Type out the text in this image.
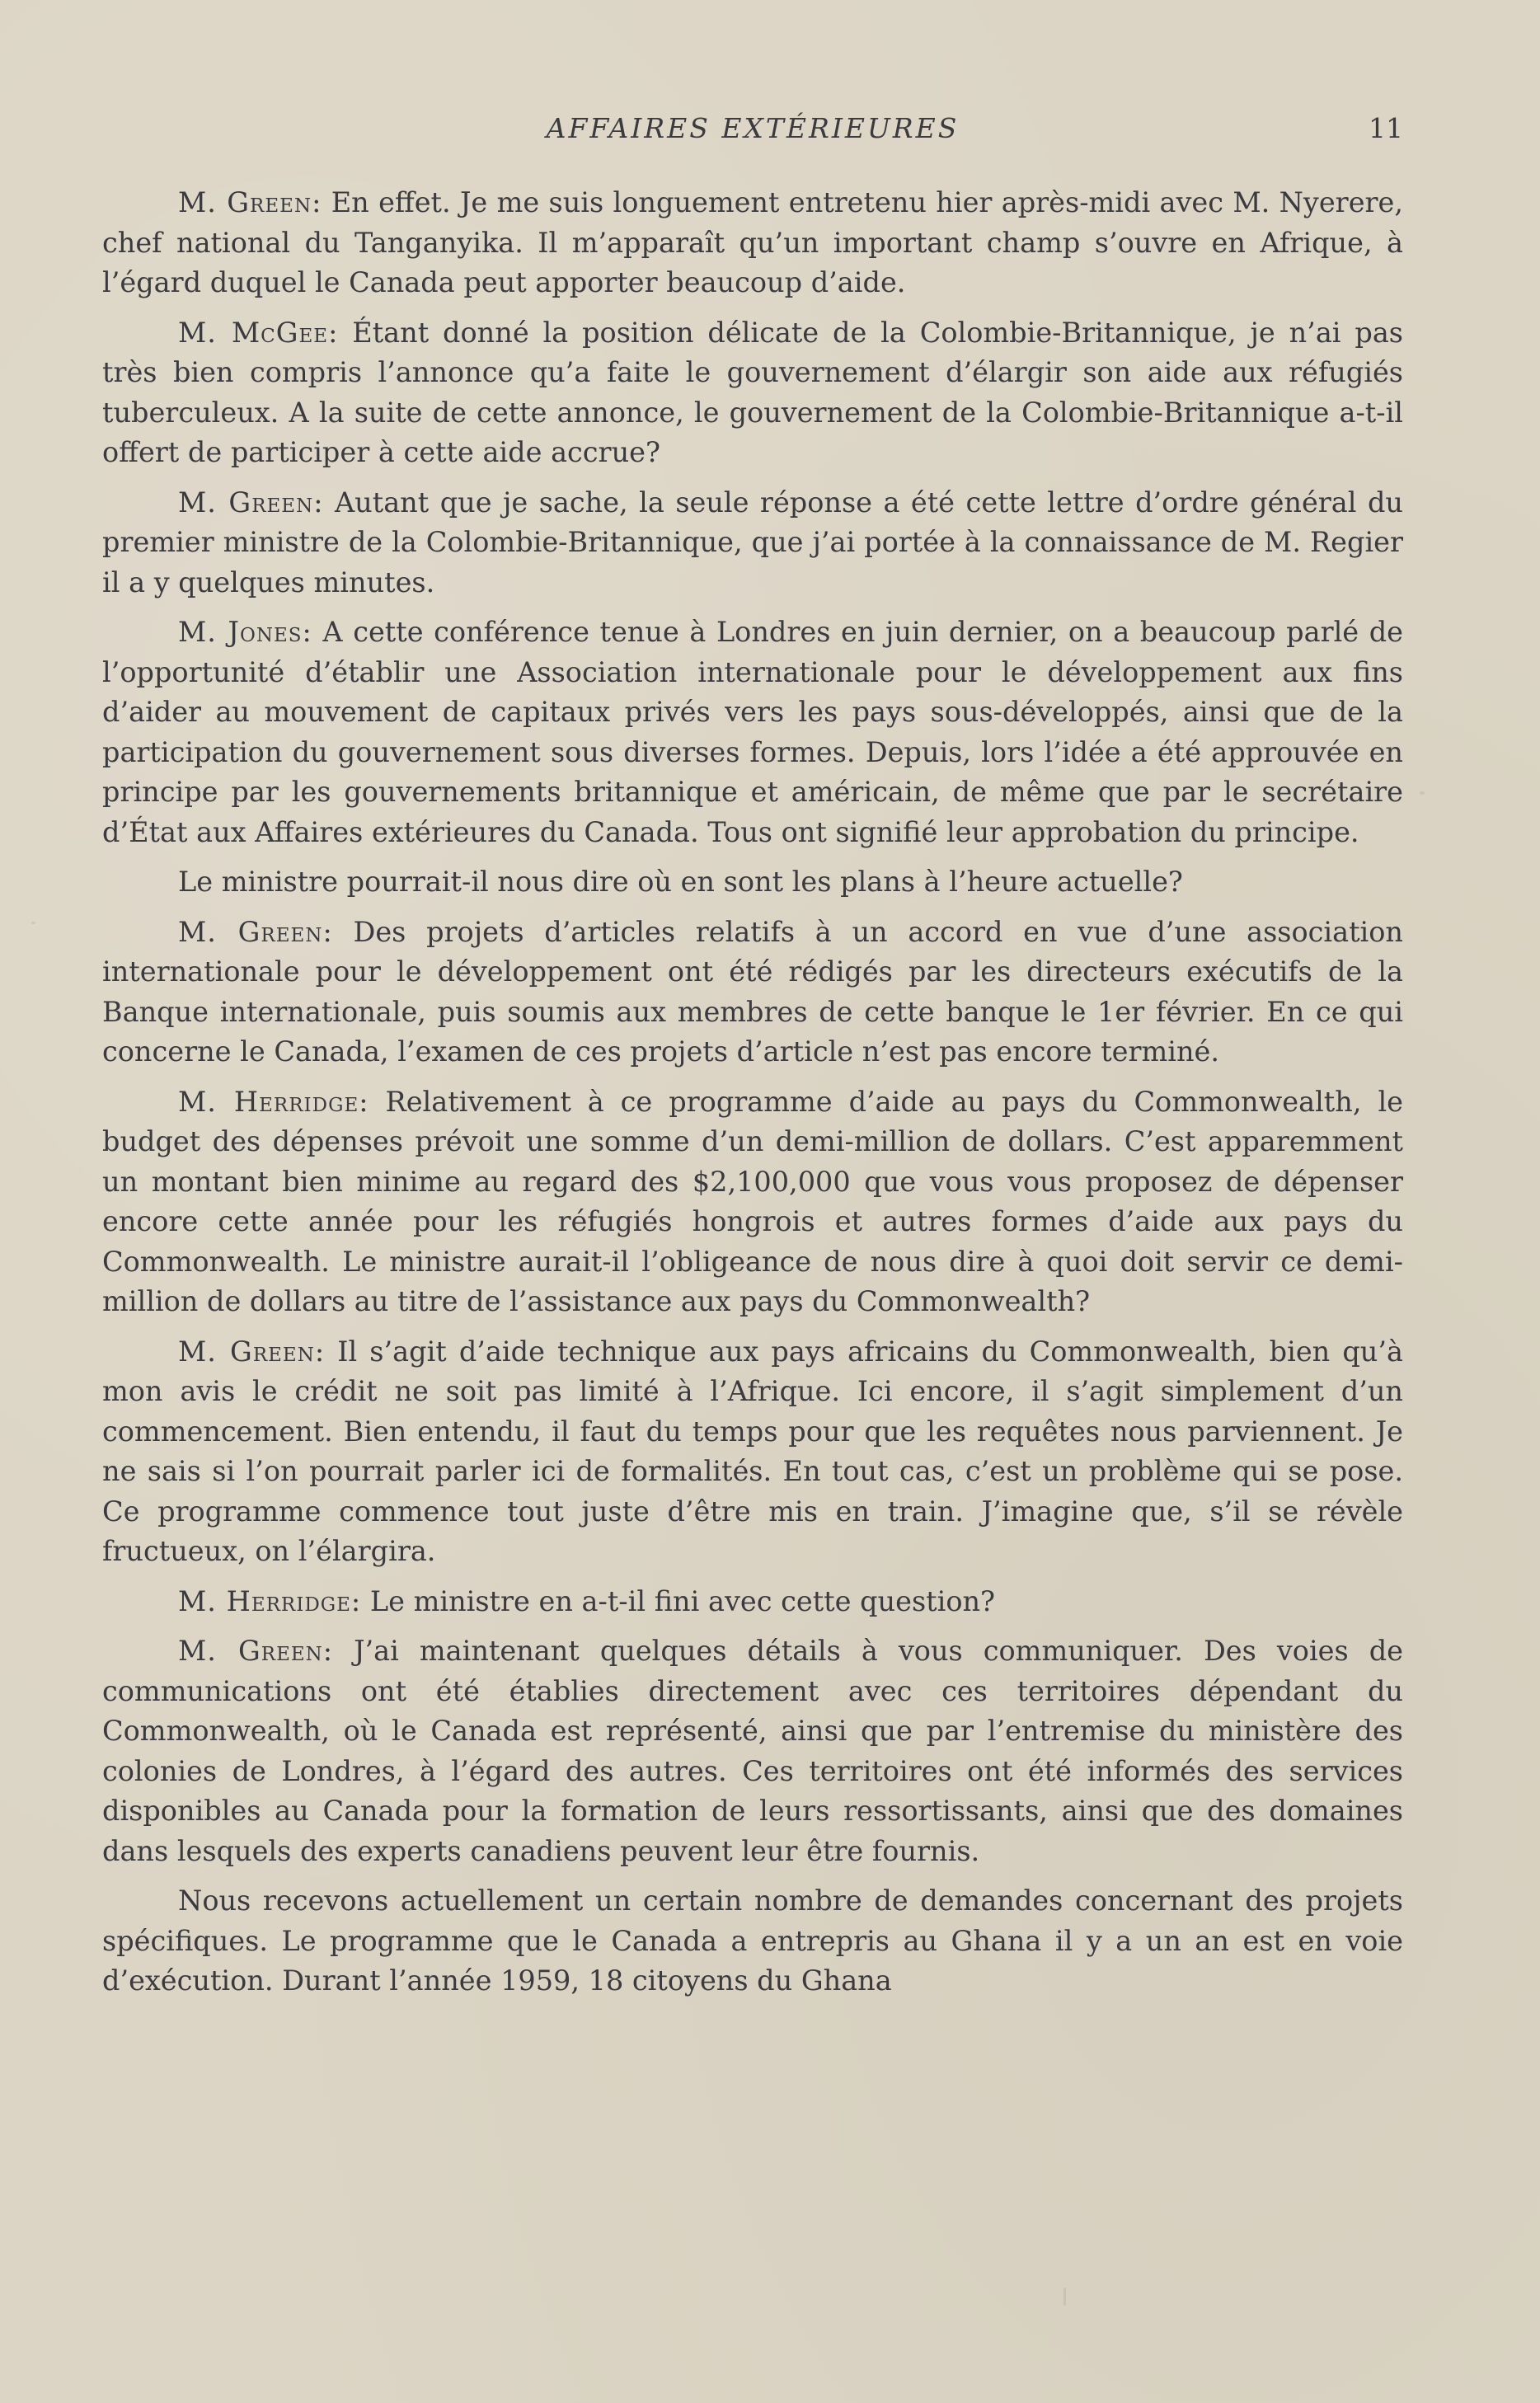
AFFAIRES EXTÉRIEURES	11

M. Green: En effet. Je me suis longuement entretenu hier après-midi avec M. Nyerere, chef national du Tanganyika. Il m’apparaît qu’un important champ s’ouvre en Afrique, à l’égard duquel le Canada peut apporter beaucoup d’aide.

M. McGee: Étant donné la position délicate de la Colombie-Britannique, je n’ai pas très bien compris l’annonce qu’a faite le gouvernement d’élargir son aide aux réfugiés tuberculeux. A la suite de cette annonce, le gouvernement de la Colombie-Britannique a-t-il offert de participer à cette aide accrue?

M. Green: Autant que je sache, la seule réponse a été cette lettre d’ordre général du premier ministre de la Colombie-Britannique, que j’ai portée à la connaissance de M. Regier il a y quelques minutes.

M. Jones: A cette conférence tenue à Londres en juin dernier, on a beaucoup parlé de l’opportunité d’établir une Association internationale pour le développement aux fins d’aider au mouvement de capitaux privés vers les pays sous-développés, ainsi que de la participation du gouvernement sous diverses formes. Depuis, lors l’idée a été approuvée en principe par les gouvernements britannique et américain, de même que par le secrétaire d’État aux Affaires extérieures du Canada. Tous ont signifié leur approbation du principe.

Le ministre pourrait-il nous dire où en sont les plans à l’heure actuelle?

M. Green: Des projets d’articles relatifs à un accord en vue d’une association internationale pour le développement ont été rédigés par les directeurs exécutifs de la Banque internationale, puis soumis aux membres de cette banque le 1er février. En ce qui concerne le Canada, l’examen de ces projets d’article n’est pas encore terminé.

M. Herridge: Relativement à ce programme d’aide au pays du Commonwealth, le budget des dépenses prévoit une somme d’un demi-million de dollars. C’est apparemment un montant bien minime au regard des $2,100,000 que vous vous proposez de dépenser encore cette année pour les réfugiés hongrois et autres formes d’aide aux pays du Commonwealth. Le ministre aurait-il l’obligeance de nous dire à quoi doit servir ce demi-million de dollars au titre de l’assistance aux pays du Commonwealth?

M. Green: Il s’agit d’aide technique aux pays africains du Commonwealth, bien qu’à mon avis le crédit ne soit pas limité à l’Afrique. Ici encore, il s’agit simplement d’un commencement. Bien entendu, il faut du temps pour que les requêtes nous parviennent. Je ne sais si l’on pourrait parler ici de formalités. En tout cas, c’est un problème qui se pose. Ce programme commence tout juste d’être mis en train. J’imagine que, s’il se révèle fructueux, on l’élargira.

M. Herridge: Le ministre en a-t-il fini avec cette question?

M. Green: J’ai maintenant quelques détails à vous communiquer. Des voies de communications ont été établies directement avec ces territoires dépendant du Commonwealth, où le Canada est représenté, ainsi que par l’entremise du ministère des colonies de Londres, à l’égard des autres. Ces territoires ont été informés des services disponibles au Canada pour la formation de leurs ressortissants, ainsi que des domaines dans lesquels des experts canadiens peuvent leur être fournis.

Nous recevons actuellement un certain nombre de demandes concernant des projets spécifiques. Le programme que le Canada a entrepris au Ghana il y a un an est en voie d’exécution. Durant l’année 1959, 18 citoyens du Ghana
